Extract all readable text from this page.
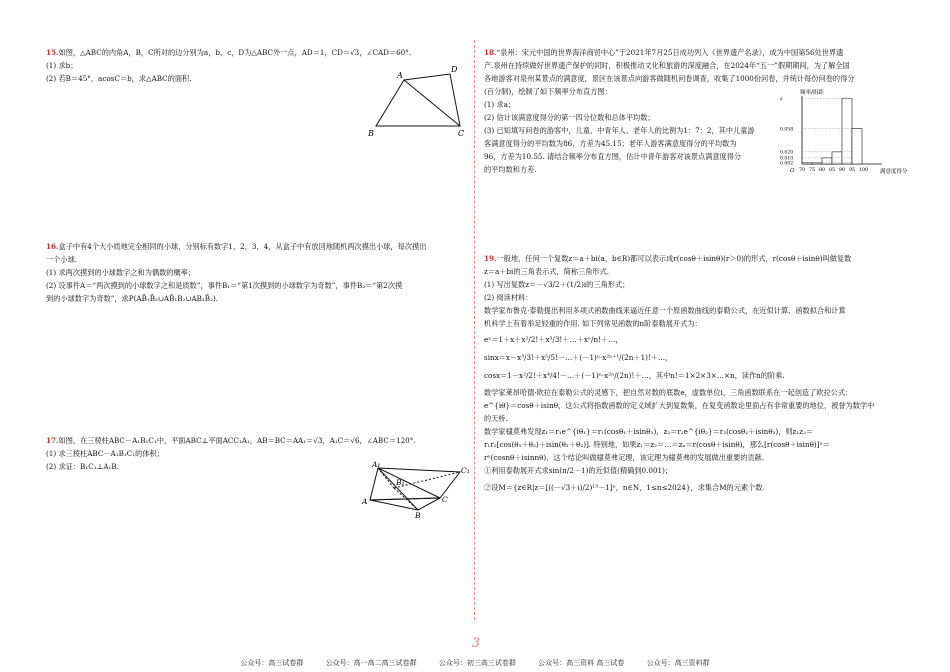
15.如图，△ABC的内角A，B，C所对的边分别为a，b，c，D为△ABC外一点，AD＝1，CD＝√3，∠CAD＝60°.

(1) 求b；

(2) 若B＝45°，acosC＝b，求△ABC的面积.	A
D
B	C

16.盒子中有4个大小质地完全相同的小球，分别标有数字1，2，3，4，从盒子中有放回地随机两次摸出小球，每次摸出

一个小球.

(1) 求两次摸到的小球数字之和为偶数的概率；

(2) 设事件A＝“两次摸到的小球数字之和是质数”，事件B₁＝“第1次摸到的小球数字为奇数”，事件B₂＝“第2次摸

到的小球数字为奇数”，求P(AB̄₁B̄₂∪AB̄₁B₂∪AB₁B̄₂).

17.如图，在三棱柱ABC－A₁B₁C₁中，平面ABC⊥平面ACC₁A₁，AB＝BC＝AA₁＝√3，A₁C＝√6，∠ABC＝120°.

(1) 求三棱柱ABC－A₁B₁C₁的体积；

(2) 求证：B₁C₁⊥A₁B.	A₁
C₁
B₁
A	C
B

18.“泉州：宋元中国的世界海洋商贸中心”于2021年7月25日成功列入《世界遗产名录》，成为中国第56处世界遗

产.泉州在持续做好世界遗产保护的同时，积极推动文化和旅游的深度融合，在2024年“五一”假期期间，为了解全国

各地游客对泉州某景点的满意度，景区在该景点向游客做随机问卷调查，收集了1000份问卷，并统计每份问卷的得分

(百分制)，绘制了如下频率分布直方图：

(1) 求a；

(2) 估计该满意度得分的第一四分位数和总体平均数；

(3) 已知填写问卷的游客中，儿童、中青年人、老年人的比例为1：7：2，其中儿童游

客满意度得分的平均数为86，方差为45.15；老年人游客满意度得分的平均数为

96，方差为10.55. 请结合频率分布直方图，估计中青年游客对该景点满意度得分

的平均数和方差.

频率/组距
满意度得分
O 70 75 80 85 90 95 100
0.058
0.020
0.010
0.002
a

19.一般地，任何一个复数z＝a＋bi(a，b∈R)都可以表示成r(cosθ＋isinθ)(r＞0)的形式，r(cosθ＋isinθ)叫做复数

z＝a＋bi的三角表示式，简称三角形式.

(1) 写出复数z＝－√3/2＋(1/2)i的三角形式；

(2) 阅读材料：

数学家布鲁克·泰勒提出利用多项式函数曲线来逼近任意一个原函数曲线的泰勒公式，在近似计算、函数拟合和计算

机科学上有着举足轻重的作用. 如下列常见函数的n阶泰勒展开式为：

eˣ＝1＋x＋x²/2!＋x³/3!＋…＋xⁿ/n!＋…，

sinx＝x－x³/3!＋x⁵/5!－…＋(－1)ⁿ·x²ⁿ⁺¹/(2n＋1)!＋…，

cosx＝1－x²/2!＋x⁴/4!－…＋(－1)ⁿ·x²ⁿ/(2n)!＋…，其中n!＝1×2×3×…×n，读作n的阶乘.

数学家莱昂哈德·欧拉在泰勒公式的灵感下，把自然对数的底数e，虚数单位i，三角函数联系在一起创造了欧拉公式：

e^{iθ}＝cosθ＋isinθ，这公式将指数函数的定义域扩大到复数集，在复变函数论里面占有非常重要的地位，被誉为数学中

的天桥.

数学家棣莫弗发现z₁＝r₁e^{iθ₁}＝r₁(cosθ₁＋isinθ₁)，z₂＝r₂e^{iθ₂}＝r₂(cosθ₂＋isinθ₂)，则z₁z₂＝

r₁r₂[cos(θ₁＋θ₂)＋isin(θ₁＋θ₂)]. 特别地，如果z₁＝z₂＝…＝zₙ＝r(cosθ＋isinθ)，那么[r(cosθ＋isinθ)]ⁿ＝

rⁿ(cosnθ＋isinnθ)，这个结论叫做棣莫弗定理，该定理为棣莫弗的发展做出重要的贡献.

①利用泰勒展开式求sin(π/2－1)的近似值(精确到0.001)；

②设M＝{z∈R|z＝[((－√3＋i)/2)¹³－1]ⁿ，n∈N，1≤n≤2024}，求集合M的元素个数.

3
公众号：高三试卷群	公众号：高一高二高三试卷群	公众号：初三高三试卷群	公众号：高三资料 高三试卷	公众号：高三资料群
